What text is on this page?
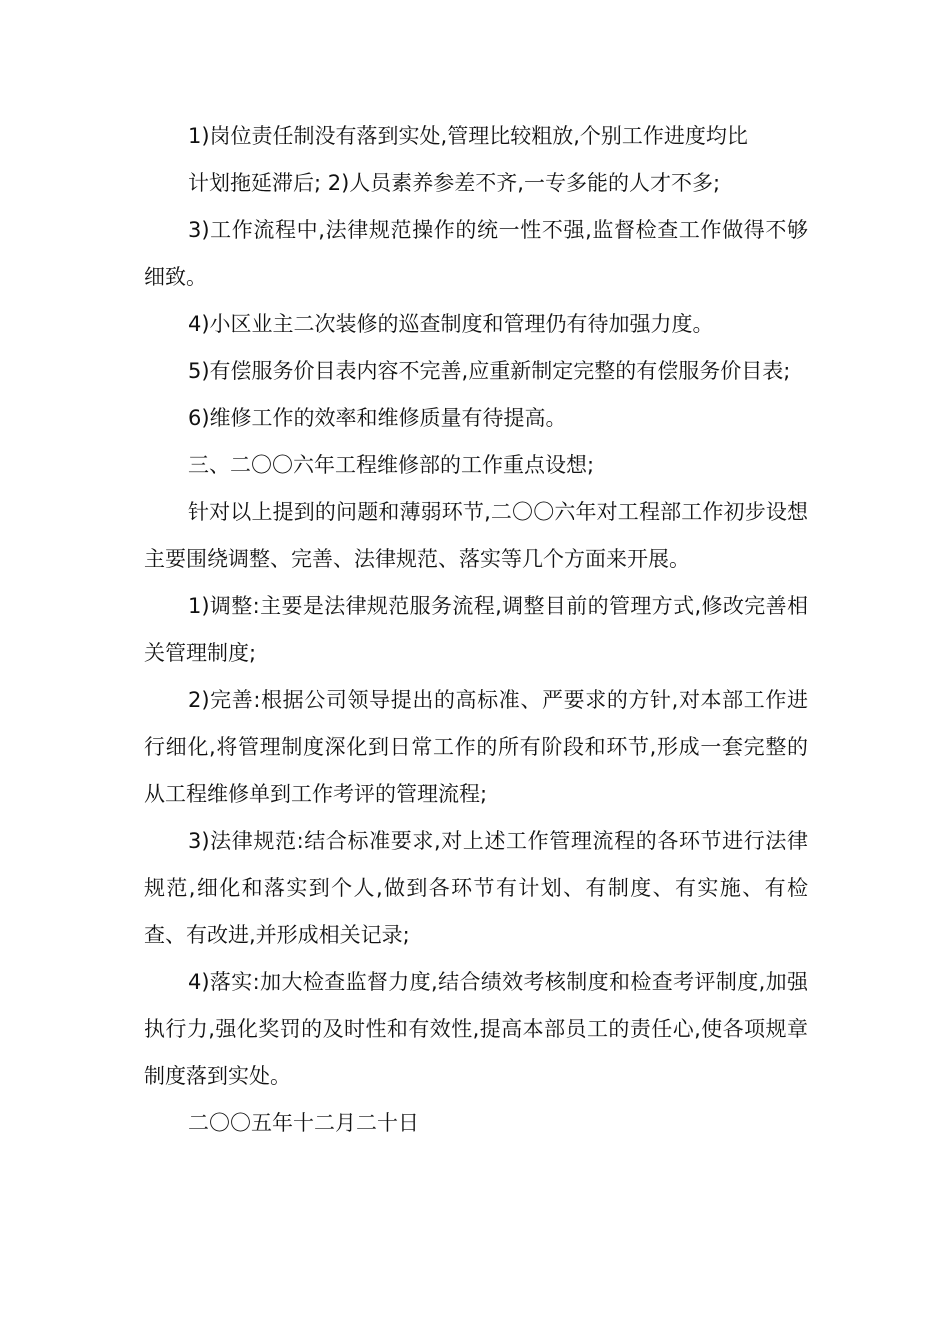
1)岗位责任制没有落到实处,管理比较粗放,个别工作进度均比

计划拖延滞后; 2)人员素养参差不齐,一专多能的人才不多;

3)工作流程中,法律规范操作的统一性不强,监督检查工作做得不够细致。

4)小区业主二次装修的巡查制度和管理仍有待加强力度。

5)有偿服务价目表内容不完善,应重新制定完整的有偿服务价目表;

6)维修工作的效率和维修质量有待提高。

三、二〇〇六年工程维修部的工作重点设想;

针对以上提到的问题和薄弱环节,二〇〇六年对工程部工作初步设想主要围绕调整、完善、法律规范、落实等几个方面来开展。

1)调整:主要是法律规范服务流程,调整目前的管理方式,修改完善相关管理制度;

2)完善:根据公司领导提出的高标准、严要求的方针,对本部工作进行细化,将管理制度深化到日常工作的所有阶段和环节,形成一套完整的从工程维修单到工作考评的管理流程;

3)法律规范:结合标准要求,对上述工作管理流程的各环节进行法律规范,细化和落实到个人,做到各环节有计划、有制度、有实施、有检查、有改进,并形成相关记录;

4)落实:加大检查监督力度,结合绩效考核制度和检查考评制度,加强执行力,强化奖罚的及时性和有效性,提高本部员工的责任心,使各项规章制度落到实处。

二〇〇五年十二月二十日
